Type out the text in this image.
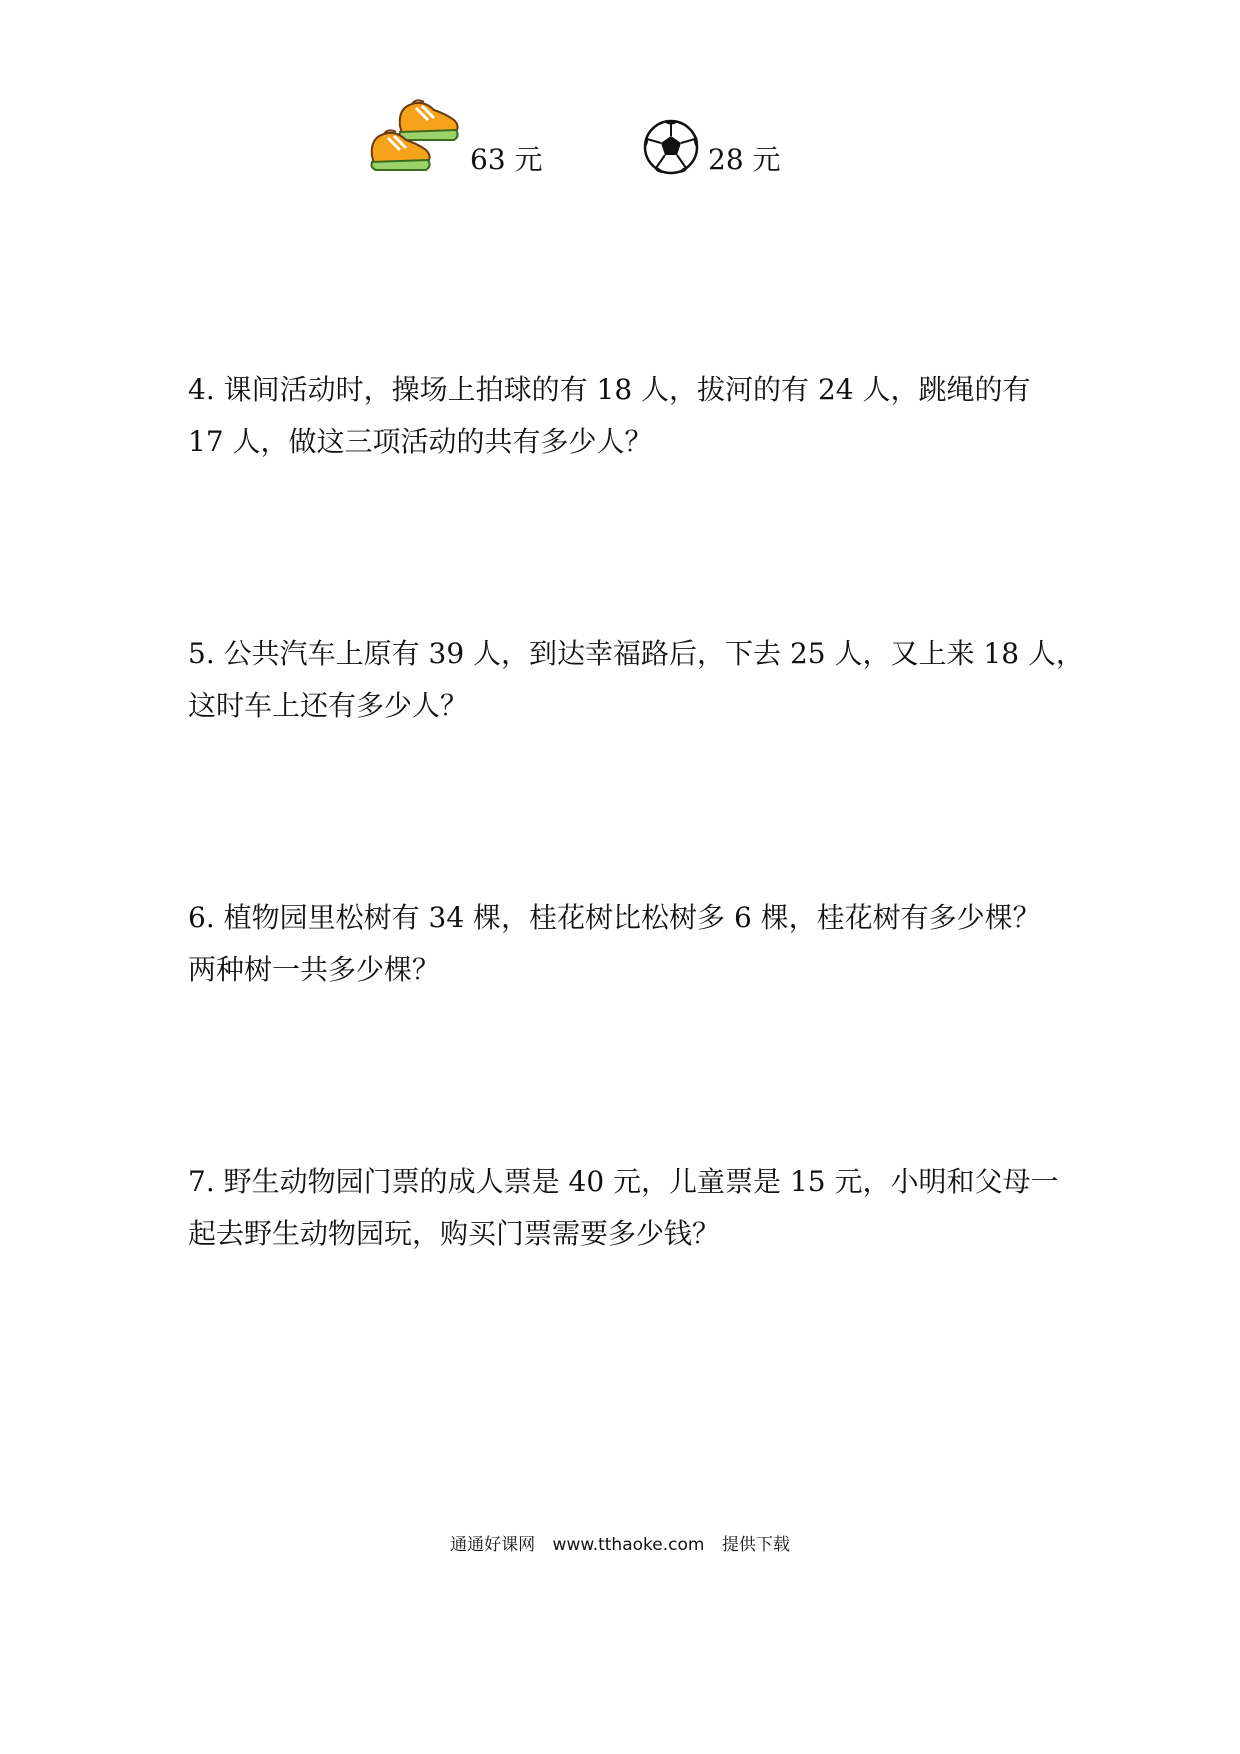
63 元	28 元

4. 课间活动时，操场上拍球的有 18 人，拔河的有 24 人，跳绳的有

17 人，做这三项活动的共有多少人？

5. 公共汽车上原有 39 人，到达幸福路后，下去 25 人，又上来 18 人，

这时车上还有多少人？

6. 植物园里松树有 34 棵，桂花树比松树多 6 棵，桂花树有多少棵？

两种树一共多少棵？

7. 野生动物园门票的成人票是 40 元，儿童票是 15 元，小明和父母一

起去野生动物园玩，购买门票需要多少钱？

通通好课网 www.tthaoke.com 提供下载
